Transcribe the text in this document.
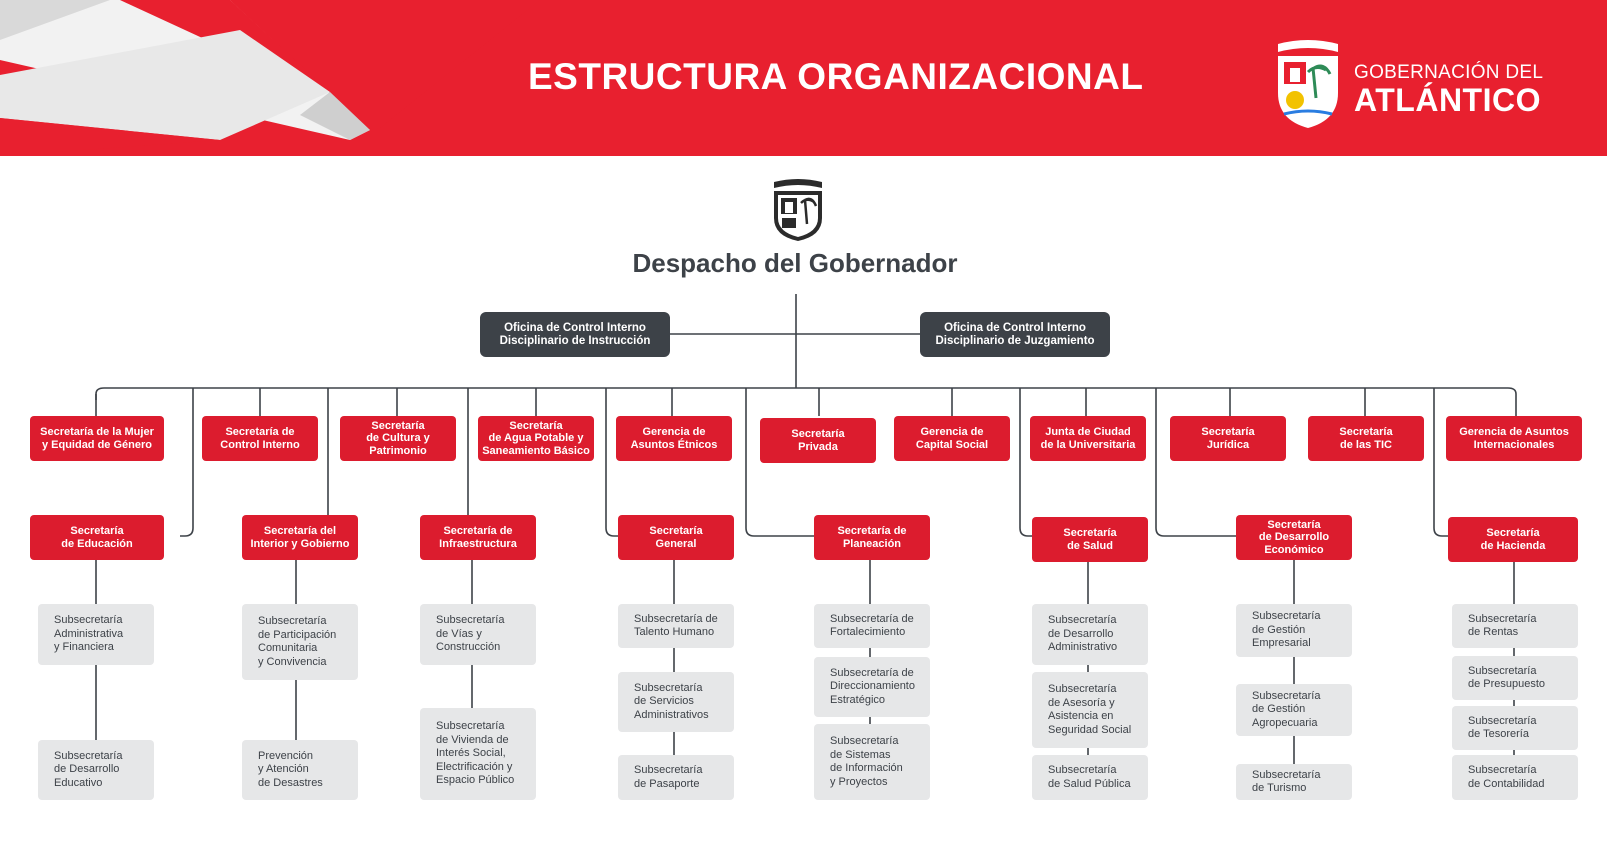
ESTRUCTURA ORGANIZACIONAL	GOBERNACIÓN DEL
ATLÁNTICO
Despacho del Gobernador
Oficina de Control Interno
Disciplinario de Instrucción
Oficina de Control Interno
Disciplinario de Juzgamiento
Secretaría de la Mujer
y Equidad de Género
Secretaría de
Control Interno
Secretaría
de Cultura y
Patrimonio
Secretaría
de Agua Potable y
Saneamiento Básico
Gerencia de
Asuntos Étnicos
Secretaría
Privada
Gerencia de
Capital Social
Junta de Ciudad
de la Universitaria
Secretaría
Jurídica
Secretaría
de las TIC
Gerencia de Asuntos
Internacionales
Secretaría
de Educación
Secretaría del
Interior y Gobierno
Secretaría de
Infraestructura
Secretaría
General
Secretaría de
Planeación
Secretaría
de Salud
Secretaría
de Desarrollo
Económico
Secretaría
de Hacienda
Subsecretaría
Administrativa
y Financiera
Subsecretaría
de Desarrollo
Educativo
Subsecretaría
de Participación
Comunitaria
y Convivencia
Prevención
y Atención
de Desastres
Subsecretaría
de Vías y
Construcción
Subsecretaría
de Vivienda de
Interés Social,
Electrificación y
Espacio Público
Subsecretaría de
Talento Humano
Subsecretaría
de Servicios
Administrativos
Subsecretaría
de Pasaporte
Subsecretaría de
Fortalecimiento
Subsecretaría de
Direccionamiento
Estratégico
Subsecretaría
de Sistemas
de Información
y Proyectos
Subsecretaría
de Desarrollo
Administrativo
Subsecretaría
de Asesoría y
Asistencia en
Seguridad Social
Subsecretaría
de Salud Pública
Subsecretaría
de Gestión
Empresarial
Subsecretaría
de Gestión
Agropecuaria
Subsecretaría
de Turismo
Subsecretaría
de Rentas
Subsecretaría
de Presupuesto
Subsecretaría
de Tesorería
Subsecretaría
de Contabilidad
